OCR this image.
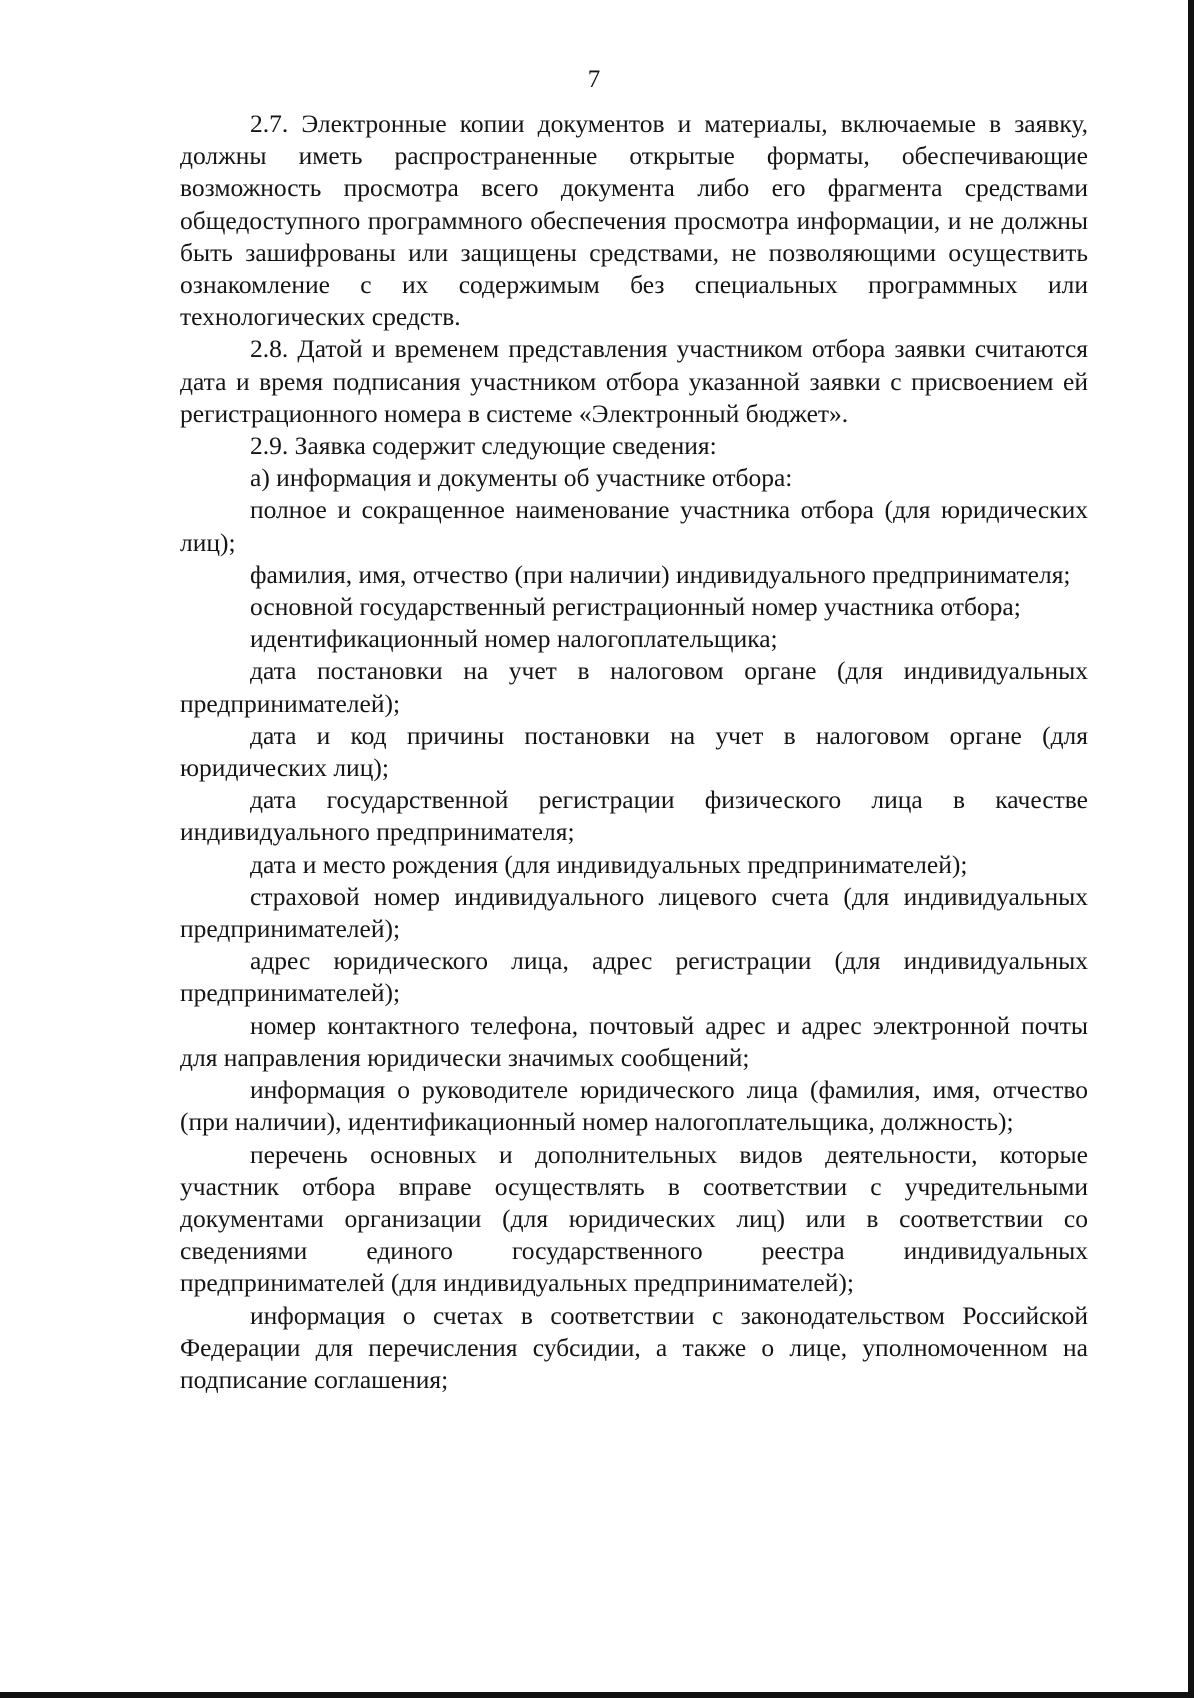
7

2.7. Электронные копии документов и материалы, включаемые в заявку, должны иметь распространенные открытые форматы, обеспечивающие возможность просмотра всего документа либо его фрагмента средствами общедоступного программного обеспечения просмотра информации, и не должны быть зашифрованы или защищены средствами, не позволяющими осуществить ознакомление с их содержимым без специальных программных или технологических средств.

2.8. Датой и временем представления участником отбора заявки считаются дата и время подписания участником отбора указанной заявки с присвоением ей регистрационного номера в системе «Электронный бюджет».

2.9. Заявка содержит следующие сведения:

а) информация и документы об участнике отбора:

полное и сокращенное наименование участника отбора (для юридических лиц);

фамилия, имя, отчество (при наличии) индивидуального предпринимателя;

основной государственный регистрационный номер участника отбора;

идентификационный номер налогоплательщика;

дата постановки на учет в налоговом органе (для индивидуальных предпринимателей);

дата и код причины постановки на учет в налоговом органе (для юридических лиц);

дата государственной регистрации физического лица в качестве индивидуального предпринимателя;

дата и место рождения (для индивидуальных предпринимателей);

страховой номер индивидуального лицевого счета (для индивидуальных предпринимателей);

адрес юридического лица, адрес регистрации (для индивидуальных предпринимателей);

номер контактного телефона, почтовый адрес и адрес электронной почты для направления юридически значимых сообщений;

информация о руководителе юридического лица (фамилия, имя, отчество (при наличии), идентификационный номер налогоплательщика, должность);

перечень основных и дополнительных видов деятельности, которые участник отбора вправе осуществлять в соответствии с учредительными документами организации (для юридических лиц) или в соответствии со сведениями единого государственного реестра индивидуальных предпринимателей (для индивидуальных предпринимателей);

информация о счетах в соответствии с законодательством Российской Федерации для перечисления субсидии, а также о лице, уполномоченном на подписание соглашения;
